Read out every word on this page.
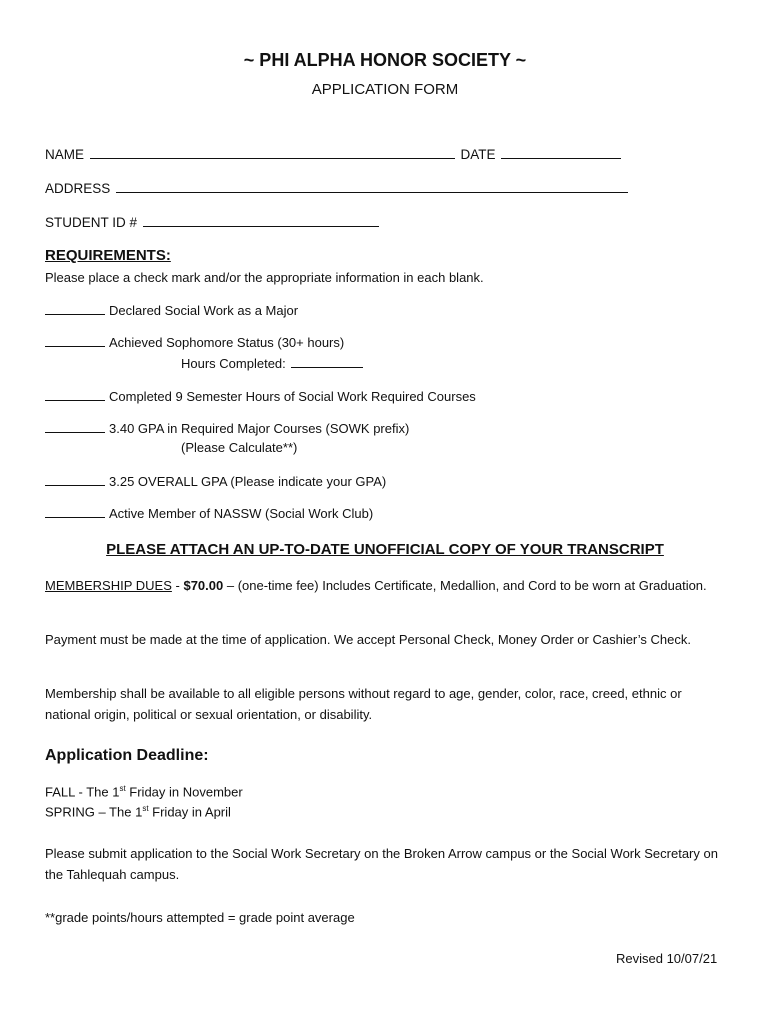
~ PHI ALPHA HONOR SOCIETY ~
APPLICATION FORM
NAME	DATE
ADDRESS
STUDENT ID #
REQUIREMENTS:
Please place a check mark and/or the appropriate information in each blank.
Declared Social Work as a Major
Achieved Sophomore Status (30+ hours)
Hours Completed:
Completed 9 Semester Hours of Social Work Required Courses
3.40 GPA in Required Major Courses (SOWK prefix)
(Please Calculate**)
3.25 OVERALL GPA (Please indicate your GPA)
Active Member of NASSW (Social Work Club)
PLEASE ATTACH AN UP-TO-DATE UNOFFICIAL COPY OF YOUR TRANSCRIPT
MEMBERSHIP DUES - $70.00 – (one-time fee) Includes Certificate, Medallion, and Cord to be worn at Graduation.
Payment must be made at the time of application. We accept Personal Check, Money Order or Cashier’s Check.
Membership shall be available to all eligible persons without regard to age, gender, color, race, creed, ethnic or national origin, political or sexual orientation, or disability.
Application Deadline:
FALL - The 1st Friday in November
SPRING – The 1st Friday in April
Please submit application to the Social Work Secretary on the Broken Arrow campus or the Social Work Secretary on the Tahlequah campus.
**grade points/hours attempted = grade point average
Revised 10/07/21
